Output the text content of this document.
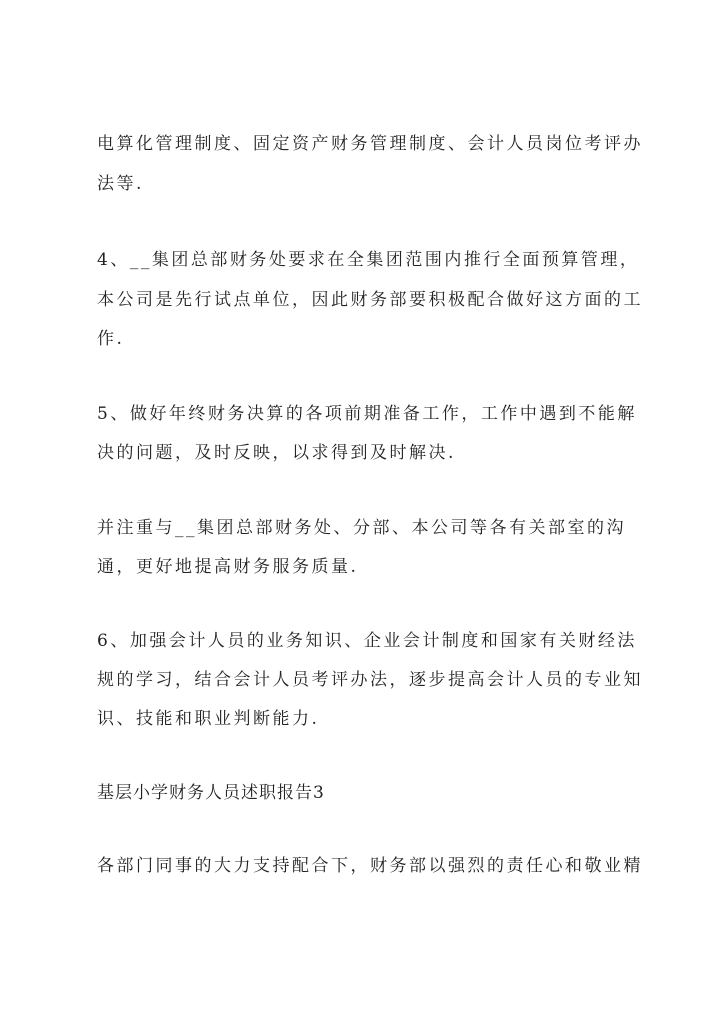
电算化管理制度、固定资产财务管理制度、会计人员岗位考评办
法等.
4、__集团总部财务处要求在全集团范围内推行全面预算管理，
本公司是先行试点单位，因此财务部要积极配合做好这方面的工
作.
5、做好年终财务决算的各项前期准备工作，工作中遇到不能解
决的问题，及时反映，以求得到及时解决.
并注重与__集团总部财务处、分部、本公司等各有关部室的沟
通，更好地提高财务服务质量.
6、加强会计人员的业务知识、企业会计制度和国家有关财经法
规的学习，结合会计人员考评办法，逐步提高会计人员的专业知
识、技能和职业判断能力.
基层小学财务人员述职报告3
各部门同事的大力支持配合下，财务部以强烈的责任心和敬业精
